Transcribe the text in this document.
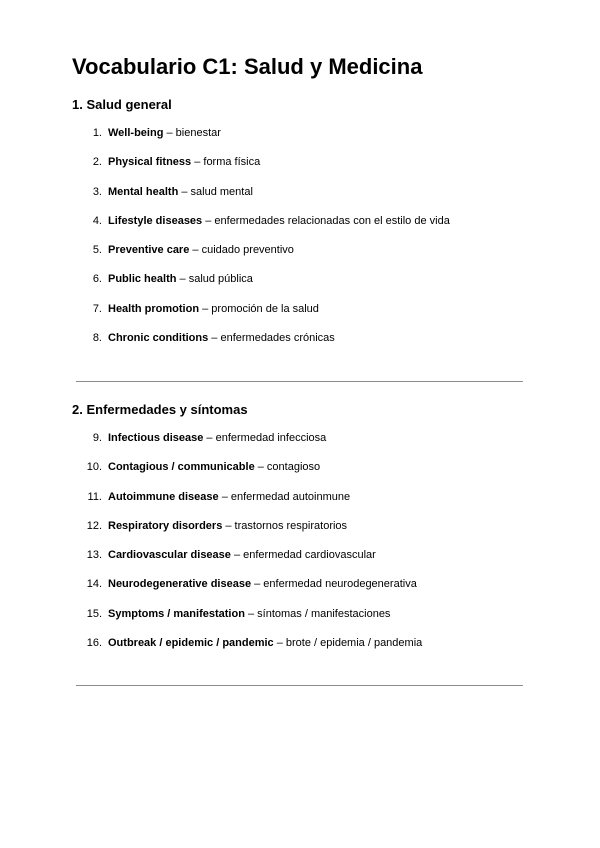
Vocabulario C1: Salud y Medicina
1. Salud general
1. Well-being – bienestar
2. Physical fitness – forma física
3. Mental health – salud mental
4. Lifestyle diseases – enfermedades relacionadas con el estilo de vida
5. Preventive care – cuidado preventivo
6. Public health – salud pública
7. Health promotion – promoción de la salud
8. Chronic conditions – enfermedades crónicas
2. Enfermedades y síntomas
9. Infectious disease – enfermedad infecciosa
10. Contagious / communicable – contagioso
11. Autoimmune disease – enfermedad autoinmune
12. Respiratory disorders – trastornos respiratorios
13. Cardiovascular disease – enfermedad cardiovascular
14. Neurodegenerative disease – enfermedad neurodegenerativa
15. Symptoms / manifestation – síntomas / manifestaciones
16. Outbreak / epidemic / pandemic – brote / epidemia / pandemia
